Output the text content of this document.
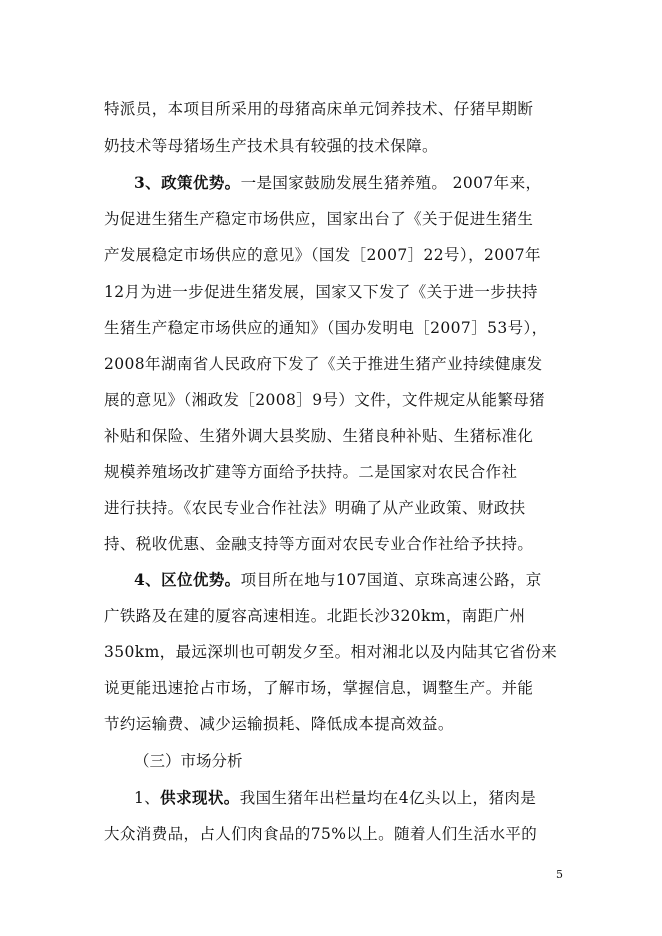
特派员，本项目所采用的母猪高床单元饲养技术、仔猪早期断
奶技术等母猪场生产技术具有较强的技术保障。
3、政策优势。一是国家鼓励发展生猪养殖。 2007年来，
为促进生猪生产稳定市场供应，国家出台了《关于促进生猪生
产发展稳定市场供应的意见》（国发［2007］22号），2007年
12月为进一步促进生猪发展，国家又下发了《关于进一步扶持
生猪生产稳定市场供应的通知》（国办发明电［2007］53号），
2008年湖南省人民政府下发了《关于推进生猪产业持续健康发
展的意见》（湘政发［2008］9号）文件，文件规定从能繁母猪
补贴和保险、生猪外调大县奖励、生猪良种补贴、生猪标准化
规模养殖场改扩建等方面给予扶持。二是国家对农民合作社
进行扶持。《农民专业合作社法》明确了从产业政策、财政扶
持、税收优惠、金融支持等方面对农民专业合作社给予扶持。
4、区位优势。项目所在地与107国道、京珠高速公路，京
广铁路及在建的厦容高速相连。北距长沙320km，南距广州
350km，最远深圳也可朝发夕至。相对湘北以及内陆其它省份来
说更能迅速抢占市场，了解市场，掌握信息，调整生产。并能
节约运输费、减少运输损耗、降低成本提高效益。
（三）市场分析
1、供求现状。我国生猪年出栏量均在4亿头以上，猪肉是
大众消费品，占人们肉食品的75%以上。随着人们生活水平的
5
